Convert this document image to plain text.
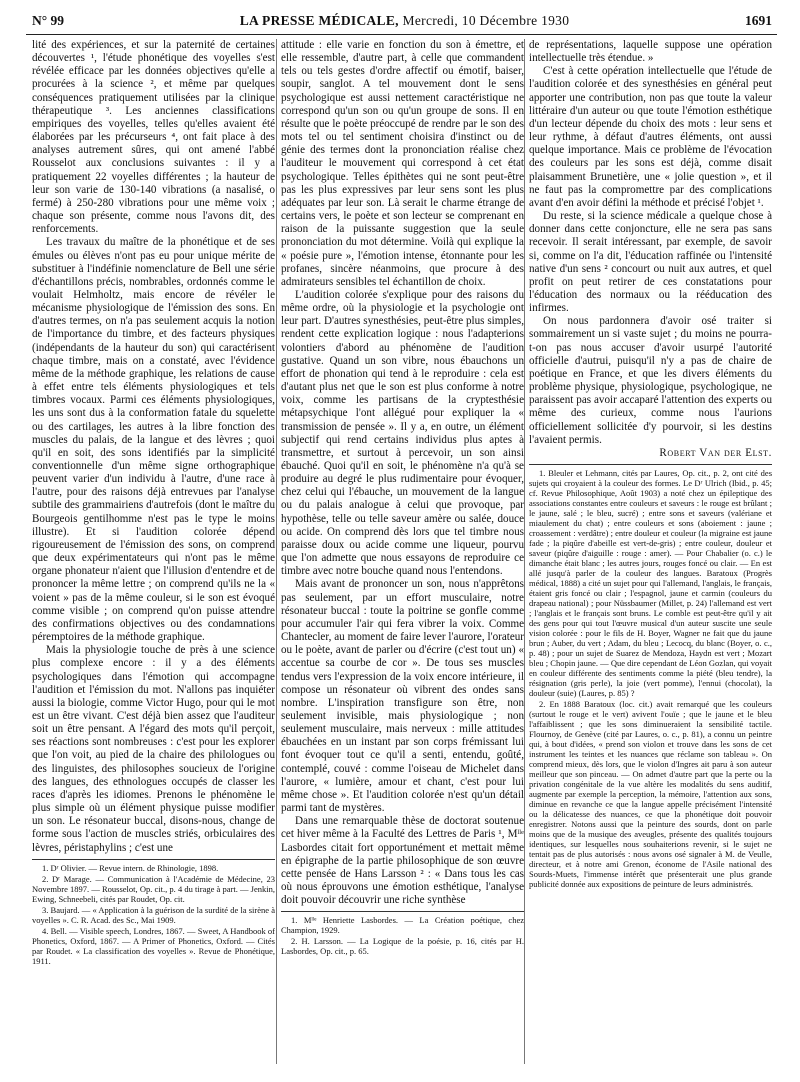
N° 99	LA PRESSE MÉDICALE, Mercredi, 10 Décembre 1930	1691

lité des expériences, et sur la paternité de certaines découvertes ¹, l'étude phonétique des voyelles s'est révélée efficace par les données objectives qu'elle a procurées à la science ², et même par quelques conséquences pratiquement utilisées par la clinique thérapeutique ³. Les anciennes classifications empiriques des voyelles, telles qu'elles avaient été élaborées par les précurseurs ⁴, ont fait place à des analyses autrement sûres, qui ont amené l'abbé Rousselot aux conclusions suivantes : il y a pratiquement 22 voyelles différentes ; la hauteur de leur son varie de 130-140 vibrations (a nasalisé, o fermé) à 250-280 vibrations pour une même voix ; chaque son présente, comme nous l'avons dit, des renforcements.

Les travaux du maître de la phonétique et de ses émules ou élèves n'ont pas eu pour unique mérite de substituer à l'indéfinie nomenclature de Bell une série d'échantillons précis, nombrables, ordonnés comme le voulait Helmholtz, mais encore de révéler le mécanisme physiologique de l'émission des sons. En d'autres termes, on n'a pas seulement acquis la notion de l'importance du timbre, et des facteurs physiques (indépendants de la hauteur du son) qui caractérisent chaque timbre, mais on a constaté, avec l'évidence même de la méthode graphique, les relations de cause à effet entre tels éléments physiologiques et tels timbres vocaux. Parmi ces éléments physiologiques, les uns sont dus à la conformation fatale du squelette ou des cartilages, les autres à la libre fonction des muscles du palais, de la langue et des lèvres ; quoi qu'il en soit, des sons identifiés par la simplicité conventionnelle d'un même signe orthographique peuvent varier d'un individu à l'autre, d'une race à l'autre, pour des raisons déjà entrevues par l'analyse subtile des grammairiens d'autrefois (dont le maître du Bourgeois gentilhomme n'est pas le type le moins illustre). Et si l'audition colorée dépend rigoureusement de l'émission des sons, on comprend que deux expérimentateurs qui n'ont pas le même organe phonateur n'aient que l'illusion d'entendre et de prononcer la même lettre ; on comprend qu'ils ne la « voient » pas de la même couleur, si le son est évoqué comme visible ; on comprend qu'on puisse attendre des confirmations objectives ou des condamnations péremptoires de la méthode graphique.

Mais la physiologie touche de près à une science plus complexe encore : il y a des éléments psychologiques dans l'émotion qui accompagne l'audition et l'émission du mot. N'allons pas inquiéter aussi la biologie, comme Victor Hugo, pour qui le mot est un être vivant. C'est déjà bien assez que l'auditeur soit un être pensant. A l'égard des mots qu'il perçoit, ses réactions sont nombreuses : c'est pour les explorer que l'on voit, au pied de la chaire des philologues ou des linguistes, des philosophes soucieux de l'origine des langues, des ethnologues occupés de classer les races d'après les idiomes. Prenons le phénomène le plus simple où un élément physique puisse modifier un son. Le résonateur buccal, disons-nous, change de forme sous l'action de muscles striés, orbiculaires des lèvres, péristaphylins ; c'est une

1. Dʳ Olivier. — Revue intern. de Rhinologie, 1898.

2. Dʳ Marage. — Communication à l'Académie de Médecine, 23 Novembre 1897. — Rousselot, Op. cit., p. 4 du tirage à part. — Jenkin, Ewing, Schneebeli, cités par Roudet, Op. cit.

3. Baujard. — « Application à la guérison de la surdité de la sirène à voyelles ». C. R. Acad. des Sc., Mai 1909.

4. Bell. — Visible speech, Londres, 1867. — Sweet, A Handbook of Phonetics, Oxford, 1867. — A Primer of Phonetics, Oxford. — Cités par Roudet. « La classification des voyelles ». Revue de Phonétique, 1911.

attitude : elle varie en fonction du son à émettre, et elle ressemble, d'autre part, à celle que commandent tels ou tels gestes d'ordre affectif ou émotif, baiser, soupir, sanglot. A tel mouvement dont le sens psychologique est aussi nettement caractéristique ne correspond qu'un son ou qu'un groupe de sons. Il en résulte que le poète préoccupé de rendre par le son des mots tel ou tel sentiment choisira d'instinct ou de génie des termes dont la prononciation réalise chez l'auditeur le mouvement qui correspond à cet état psychologique. Telles épithètes qui ne sont peut-être pas les plus expressives par leur sens sont les plus adéquates par leur son. Là serait le charme étrange de certains vers, le poète et son lecteur se comprenant en raison de la puissante suggestion que la seule prononciation du mot détermine. Voilà qui explique la « poésie pure », l'émotion intense, étonnante pour les profanes, sincère néanmoins, que procure à des admirateurs sensibles tel échantillon de choix.

L'audition colorée s'explique pour des raisons du même ordre, où la physiologie et la psychologie ont leur part. D'autres synesthésies, peut-être plus simples, rendent cette explication logique : nous l'adapterions volontiers d'abord au phénomène de l'audition gustative. Quand un son vibre, nous ébauchons un effort de phonation qui tend à le reproduire : cela est d'autant plus net que le son est plus conforme à notre voix, comme les partisans de la cryptesthésie métapsychique l'ont allégué pour expliquer la « transmission de pensée ». Il y a, en outre, un élément subjectif qui rend certains individus plus aptes à transmettre, et surtout à percevoir, un son ainsi ébauché. Quoi qu'il en soit, le phénomène n'a qu'à se produire au degré le plus rudimentaire pour évoquer, chez celui qui l'ébauche, un mouvement de la langue ou du palais analogue à celui que provoque, par hypothèse, telle ou telle saveur amère ou salée, douce ou acide. On comprend dès lors que tel timbre nous paraisse doux ou acide comme une liqueur, pourvu que l'on admette que nous essayons de reproduire ce timbre avec notre bouche quand nous l'entendons.

Mais avant de prononcer un son, nous n'apprêtons pas seulement, par un effort musculaire, notre résonateur buccal : toute la poitrine se gonfle comme pour accumuler l'air qui fera vibrer la voix. Comme Chantecler, au moment de faire lever l'aurore, l'orateur ou le poète, avant de parler ou d'écrire (c'est tout un) « accentue sa courbe de cor ». De tous ses muscles tendus vers l'expression de la voix encore intérieure, il compose un résonateur où vibrent des ondes sans nombre. L'inspiration transfigure son être, non seulement invisible, mais physiologique ; non seulement musculaire, mais nerveux : mille attitudes ébauchées en un instant par son corps frémissant lui font évoquer tout ce qu'il a senti, entendu, goûté, contemplé, couvé : comme l'oiseau de Michelet dans l'aurore, « lumière, amour et chant, c'est pour lui même chose ». Et l'audition colorée n'est qu'un détail parmi tant de mystères.

Dans une remarquable thèse de doctorat soutenue cet hiver même à la Faculté des Lettres de Paris ¹, Mˡˡᵉ Lasbordes citait fort opportunément et mettait même en épigraphe de la partie philosophique de son œuvre cette pensée de Hans Larsson ² : « Dans tous les cas où nous éprouvons une émotion esthétique, l'analyse doit pouvoir découvrir une riche synthèse

1. Mˡˡᵉ Henriette Lasbordes. — La Création poétique, chez Champion, 1929.

2. H. Larsson. — La Logique de la poésie, p. 16, cités par H. Lasbordes, Op. cit., p. 65.

de représentations, laquelle suppose une opération intellectuelle très étendue. »

C'est à cette opération intellectuelle que l'étude de l'audition colorée et des synesthésies en général peut apporter une contribution, non pas que toute la valeur littéraire d'un auteur ou que toute l'émotion esthétique d'un lecteur dépende du choix des mots : leur sens et leur rythme, à défaut d'autres éléments, ont aussi quelque importance. Mais ce problème de l'évocation des couleurs par les sons est déjà, comme disait plaisamment Brunetière, une « jolie question », et il ne faut pas la compromettre par des complications avant d'en avoir défini la méthode et précisé l'objet ¹.

Du reste, si la science médicale a quelque chose à donner dans cette conjoncture, elle ne sera pas sans recevoir. Il serait intéressant, par exemple, de savoir si, comme on l'a dit, l'éducation raffinée ou l'intensité native d'un sens ² concourt ou nuit aux autres, et quel profit on peut retirer de ces constatations pour l'éducation des normaux ou la rééducation des infirmes.

On nous pardonnera d'avoir osé traiter si sommairement un si vaste sujet ; du moins ne pourra-t-on pas nous accuser d'avoir usurpé l'autorité officielle d'autrui, puisqu'il n'y a pas de chaire de poétique en France, et que les divers éléments du problème physique, physiologique, psychologique, ne paraissent pas avoir accaparé l'attention des experts ou même des curieux, comme nous l'aurions officiellement sollicitée d'y pourvoir, si les destins l'avaient permis.

Robert Van der Elst.

1. Bleuler et Lehmann, cités par Laures, Op. cit., p. 2, ont cité des sujets qui croyaient à la couleur des formes. Le Dʳ Ulrich (Ibid., p. 45; cf. Revue Philosophique, Août 1903) a noté chez un épileptique des associations constantes entre couleurs et saveurs : le rouge est brûlant ; le jaune, salé ; le bleu, sucré) ; entre sons et saveurs (valériane et miaulement du chat) ; entre couleurs et sons (aboiement : jaune ; croassement : verdâtre) ; entre douleur et couleur (la migraine est jaune fade ; la piqûre d'abeille est vert-de-gris) ; entre couleur, douleur et saveur (piqûre d'aiguille : rouge : amer). — Pour Chabalier (o. c.) le dimanche était blanc ; les autres jours, rouges foncé ou clair. — En est allé jusqu'à parler de la couleur des langues. Baratoux (Progrès médical, 1888) a cité un sujet pour qui l'allemand, l'anglais, le français, étaient gris foncé ou clair ; l'espagnol, jaune et carmin (couleurs du drapeau national) ; pour Nüssbaumer (Millet, p. 24) l'allemand est vert ; l'anglais et le français sont bruns. Le comble est peut-être qu'il y ait des gens pour qui tout l'œuvre musical d'un auteur suscite une seule vision colorée : pour le fils de H. Boyer, Wagner ne fait que du jaune brun ; Auber, du vert ; Adam, du bleu ; Lecocq, du blanc (Boyer, o. c., p. 48) ; pour un sujet de Suarez de Mendoza, Haydn est vert ; Mozart bleu ; Chopin jaune. — Que dire cependant de Léon Gozlan, qui voyait en couleur différente des sentiments comme la piété (bleu tendre), la résignation (gris perle), la joie (vert pomme), l'ennui (chocolat), la douleur (suie) (Laures, p. 85) ?

2. En 1888 Baratoux (loc. cit.) avait remarqué que les couleurs (surtout le rouge et le vert) avivent l'ouïe ; que le jaune et le bleu l'affaiblissent ; que les sons diminueraient la sensibilité tactile. Flournoy, de Genève (cité par Laures, o. c., p. 81), a connu un peintre qui, à bout d'idées, « prend son violon et trouve dans les sons de cet instrument les teintes et les nuances que réclame son tableau ». On comprend mieux, dès lors, que le violon d'Ingres ait paru à son auteur meilleur que son pinceau. — On admet d'autre part que la perte ou la privation congénitale de la vue altère les modalités du sens auditif, augmente par exemple la perception, la mémoire, l'attention aux sons, diminue en revanche ce que la langue appelle précisément l'intensité ou la délicatesse des nuances, ce que la phonétique doit pouvoir enregistrer. Notons aussi que la peinture des sourds, dont on parle moins que de la musique des aveugles, présente des qualités toujours identiques, sur lesquelles nous souhaiterions revenir, si le sujet ne tentait pas de plus autorisés : nous avons osé signaler à M. de Veulle, directeur, et à notre ami Grenon, économe de l'Asile national des Sourds-Muets, l'immense intérêt que présenterait une plus grande publicité donnée aux expositions de peinture de leurs administrés.
